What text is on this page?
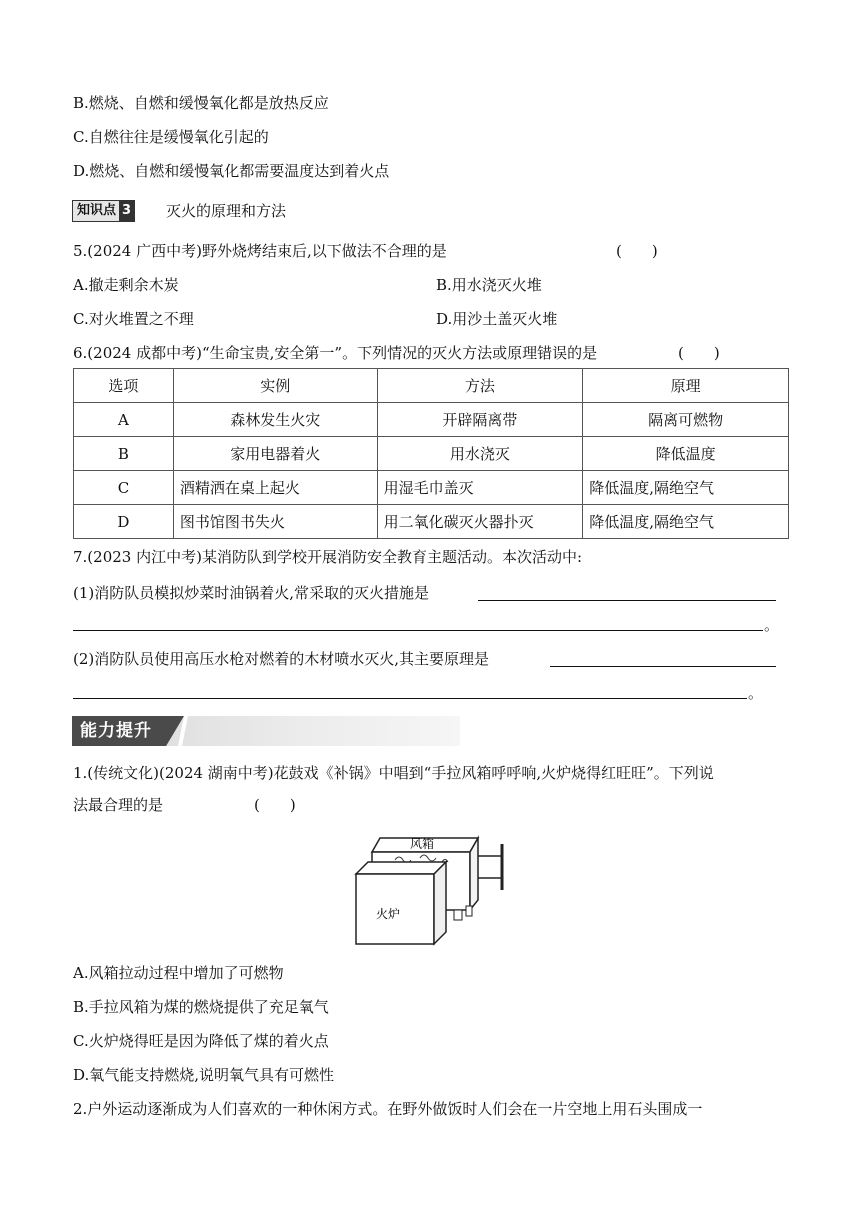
B.燃烧、自燃和缓慢氧化都是放热反应
C.自燃往往是缓慢氧化引起的
D.燃烧、自燃和缓慢氧化都需要温度达到着火点
知识点 3 灭火的原理和方法
5.(2024 广西中考)野外烧烤结束后,以下做法不合理的是	(　　)
A.撤走剩余木炭	B.用水浇灭火堆
C.对火堆置之不理	D.用沙土盖灭火堆
6.(2024 成都中考)“生命宝贵,安全第一”。下列情况的灭火方法或原理错误的是	(　　)
选项	实例	方法	原理
A	森林发生火灾	开辟隔离带	隔离可燃物
B	家用电器着火	用水浇灭	降低温度
C	酒精洒在桌上起火	用湿毛巾盖灭	降低温度,隔绝空气
D	图书馆图书失火	用二氧化碳灭火器扑灭	降低温度,隔绝空气
7.(2023 内江中考)某消防队到学校开展消防安全教育主题活动。本次活动中:
(1)消防队员模拟炒菜时油锅着火,常采取的灭火措施是
。
(2)消防队员使用高压水枪对燃着的木材喷水灭火,其主要原理是
。
能力提升
1.(传统文化)(2024 湖南中考)花鼓戏《补锅》中唱到“手拉风箱呼呼响,火炉烧得红旺旺”。下列说
法最合理的是	(　　)
风箱
火炉
A.风箱拉动过程中增加了可燃物
B.手拉风箱为煤的燃烧提供了充足氧气
C.火炉烧得旺是因为降低了煤的着火点
D.氧气能支持燃烧,说明氧气具有可燃性
2.户外运动逐渐成为人们喜欢的一种休闲方式。在野外做饭时人们会在一片空地上用石头围成一
